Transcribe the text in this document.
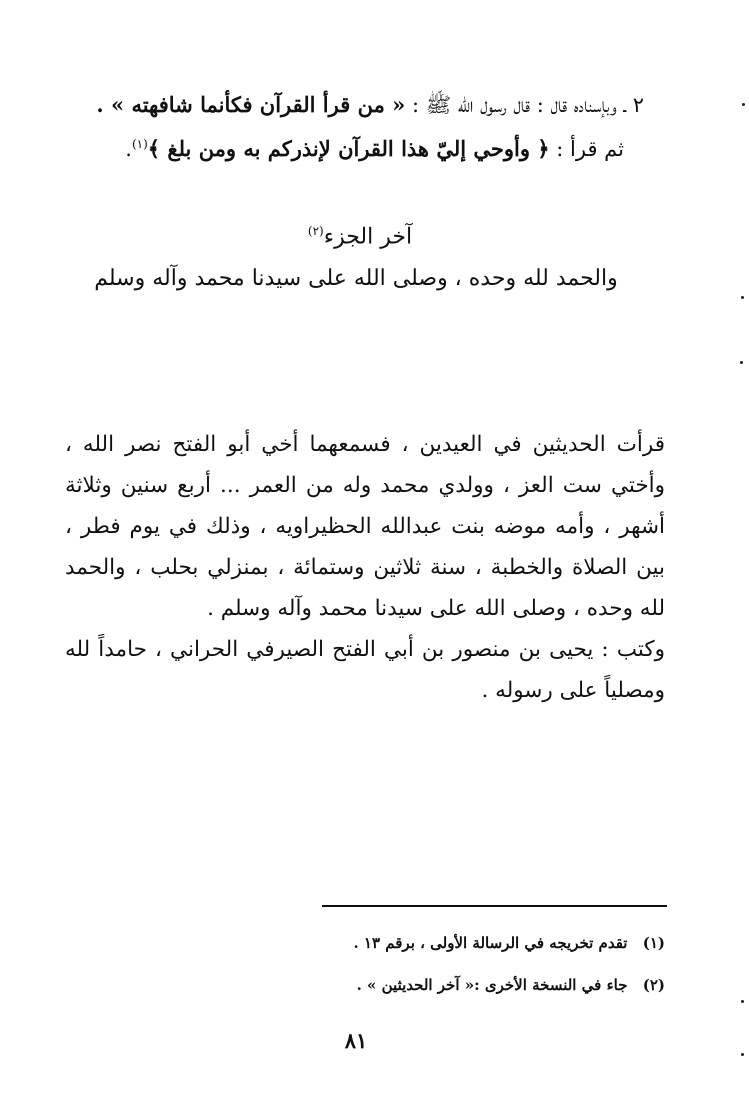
٢ ـ وبإسناده قال : قال رسول الله ﷺ : « من قرأ القرآن فكأنما شافهته » .
ثم قرأ : ﴿ وأوحي إليّ هذا القرآن لإنذركم به ومن بلغ ﴾$^{(١)}$.
آخر الجزء$^{(٢)}$
والحمد لله وحده ، وصلى الله على سيدنا محمد وآله وسلم

قرأت الحديثين في العيدين ، فسمعهما أخي أبو الفتح نصر الله ، وأختي ست العز ، وولدي محمد وله من العمر ... أربع سنين وثلاثة أشهر ، وأمه موضه بنت عبدالله الحظيراويه ، وذلك في يوم فطر ، بين الصلاة والخطبة ، سنة ثلاثين وستمائة ، بمنزلي بحلب ، والحمد لله وحده ، وصلى الله على سيدنا محمد وآله وسلم .

وكتب : يحيى بن منصور بن أبي الفتح الصيرفي الحراني ، حامداً لله ومصلياً على رسوله .

(١) تقدم تخريجه في الرسالة الأولى ، برقم ١٣ .
(٢) جاء في النسخة الأخرى :« آخر الحديثين » .
٨١
